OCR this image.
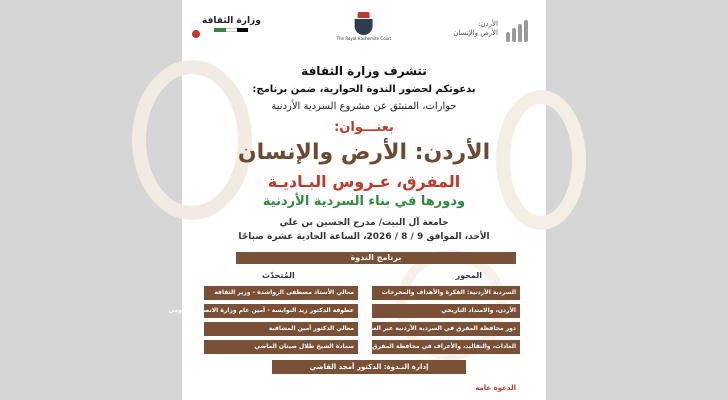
الأردن:
الأرض والإنسان
The Royal Hashemite Court
وزارة الثقافة
تتشرف وزارة الثقافة
بدعوتكم لحضور الندوة الحوارية، ضمن برنامج:
حوارات، المنبثق عن مشروع السردية الأردنية
بعنـــوان:
الأردن: الأرض والإنسان
المفرق، عـروس البـاديـة
ودورها في بناء السردية الأردنية
جامعة آل البيت/ مدرج الحسين بن علي
الأحد، الموافق 9 / 8 / 2026، الساعة الحادية عشرة صباحًا
برنامج الندوة
المحور
المُتحدّث
السردية الأردنية: الفكرة والأهداف والمخرجات
معالي الأستاذ مصطفى الرواشدة - وزير الثقافة
الأردن، والامتداد التاريخي
عطوفة الدكتور زيد النوايسة - أمين عام وزارة الاتصال الحكومي
دور محافظة المفرق في السردية الأردنية عبر العصور
معالي الدكتور أمين المشاقبة
العادات، والتقاليد، والأعراف في محافظة المفرق
سعادة الشيخ طلال صيتان الماضي
إدارة النـدوة: الدكتور أمجد القاضي
الدعوة عامة
